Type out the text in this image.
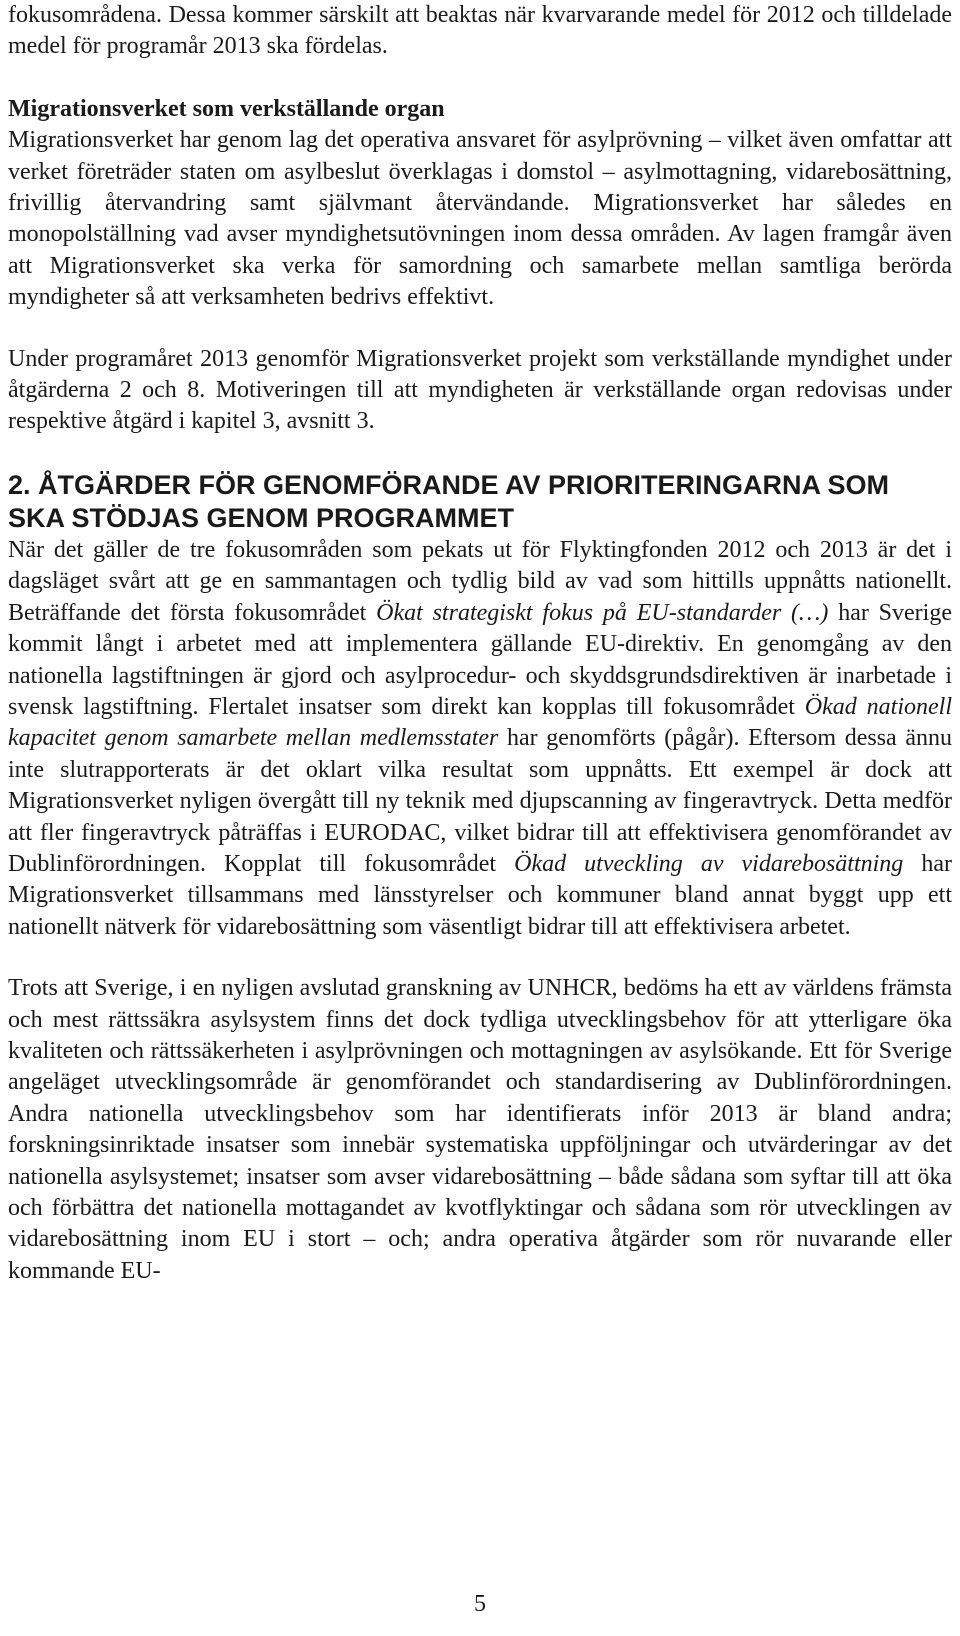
fokusområdena. Dessa kommer särskilt att beaktas när kvarvarande medel för 2012 och tilldelade medel för programår 2013 ska fördelas.

Migrationsverket som verkställande organ

Migrationsverket har genom lag det operativa ansvaret för asylprövning – vilket även omfattar att verket företräder staten om asylbeslut överklagas i domstol – asylmottagning, vidarebosättning, frivillig återvandring samt självmant återvändande. Migrationsverket har således en monopolställning vad avser myndighetsutövningen inom dessa områden. Av lagen framgår även att Migrationsverket ska verka för samordning och samarbete mellan samtliga berörda myndigheter så att verksamheten bedrivs effektivt.

Under programåret 2013 genomför Migrationsverket projekt som verkställande myndighet under åtgärderna 2 och 8. Motiveringen till att myndigheten är verkställande organ redovisas under respektive åtgärd i kapitel 3, avsnitt 3.

2. ÅTGÄRDER FÖR GENOMFÖRANDE AV PRIORITERINGARNA SOM SKA STÖDJAS GENOM PROGRAMMET

När det gäller de tre fokusområden som pekats ut för Flyktingfonden 2012 och 2013 är det i dagsläget svårt att ge en sammantagen och tydlig bild av vad som hittills uppnåtts nationellt. Beträffande det första fokusområdet Ökat strategiskt fokus på EU-standarder (…) har Sverige kommit långt i arbetet med att implementera gällande EU-direktiv. En genomgång av den nationella lagstiftningen är gjord och asylprocedur- och skyddsgrundsdirektiven är inarbetade i svensk lagstiftning. Flertalet insatser som direkt kan kopplas till fokusområdet Ökad nationell kapacitet genom samarbete mellan medlemsstater har genomförts (pågår). Eftersom dessa ännu inte slutrapporterats är det oklart vilka resultat som uppnåtts. Ett exempel är dock att Migrationsverket nyligen övergått till ny teknik med djupscanning av fingeravtryck. Detta medför att fler fingeravtryck påträffas i EURODAC, vilket bidrar till att effektivisera genomförandet av Dublinförordningen. Kopplat till fokusområdet Ökad utveckling av vidarebosättning har Migrationsverket tillsammans med länsstyrelser och kommuner bland annat byggt upp ett nationellt nätverk för vidarebosättning som väsentligt bidrar till att effektivisera arbetet.

Trots att Sverige, i en nyligen avslutad granskning av UNHCR, bedöms ha ett av världens främsta och mest rättssäkra asylsystem finns det dock tydliga utvecklingsbehov för att ytterligare öka kvaliteten och rättssäkerheten i asylprövningen och mottagningen av asylsökande. Ett för Sverige angeläget utvecklingsområde är genomförandet och standardisering av Dublinförordningen. Andra nationella utvecklingsbehov som har identifierats inför 2013 är bland andra; forskningsinriktade insatser som innebär systematiska uppföljningar och utvärderingar av det nationella asylsystemet; insatser som avser vidarebosättning – både sådana som syftar till att öka och förbättra det nationella mottagandet av kvotflyktingar och sådana som rör utvecklingen av vidarebosättning inom EU i stort – och; andra operativa åtgärder som rör nuvarande eller kommande EU-

5
